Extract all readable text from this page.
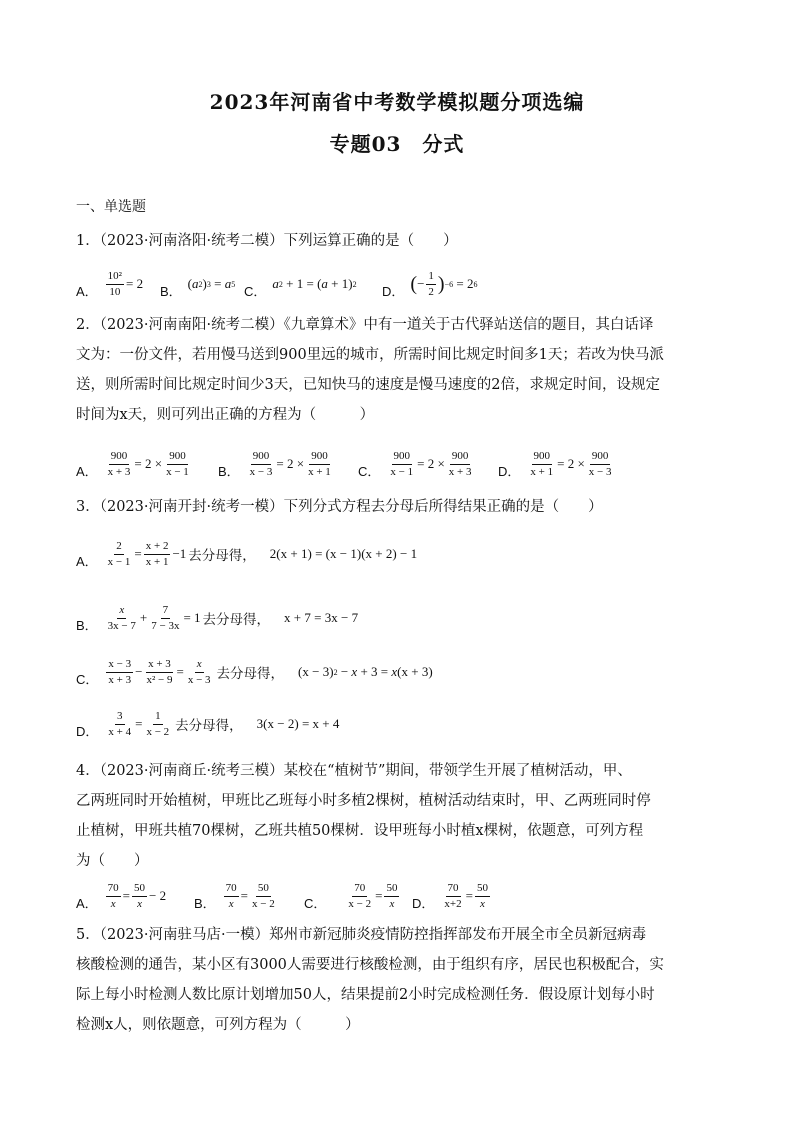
2023年河南省中考数学模拟题分项选编
专题03　分式
一、单选题
1．（2023·河南洛阳·统考二模）下列运算正确的是（　　）
A． $\frac{\text{10²}}{10}$ =
2
B．
( a 2 ) 3
=
a 5 C．
a 2
+
1
=
( a
+
1 ) 2 D． ( − $\frac{1}{2}$ ) −6
=
2 6
2．（2023·河南南阳·统考二模）《九章算术》中有一道关于古代驿站送信的题目，其白话译
文为：一份文件，若用慢马送到900里远的城市，所需时间比规定时间多1天；若改为快马派
送，则所需时间比规定时间少3天，已知快马的速度是慢马速度的2倍，求规定时间，设规定
时间为x天，则可列出正确的方程为（　　　）
A． $\frac{900}{x + 3}$ =
$2 \times \frac{900}{x - 1}$ B． $\frac{900}{x - 3}$ =
$2 \times \frac{900}{x + 1}$ C． $\frac{900}{x - 1}$ =
$2 \times \frac{900}{x + 3}$ D． $\frac{900}{x + 1}$ =
$2 \times \frac{900}{x - 3}$
3．（2023·河南开封·统考一模）下列分式方程去分母后所得结果正确的是（　　）
A． $\frac{2}{x - 1} = \frac{x + 2}{x + 1} - 1$ 去分母得， 2 ( x + 1 )
=
( x − 1 ) ( x + 2 )
−
1
B． $\frac{x}{3x - 7} + \frac{7}{7 - 3x}$ =
1 去分母得， x + 7
=
3x − 7
C． $\frac{x - 3}{x + 3} - \frac{x + 3}{\text{x² − 9}} = \frac{x}{x - 3}$ 去分母得， ( x − 3 ) 2
−
x
+
3
=
x ( x + 3 )
D． $\frac{3}{x + 4} = \frac{1}{x - 2}$ 去分母得， 3 ( x − 2 )
=
x + 4
4．（2023·河南商丘·统考三模）某校在“植树节”期间，带领学生开展了植树活动，甲、
乙两班同时开始植树，甲班比乙班每小时多植2棵树，植树活动结束时，甲、乙两班同时停
止植树，甲班共植70棵树，乙班共植50棵树．设甲班每小时植x棵树，依题意，可列方程
为（　　）
A． $\frac{70}{x} = \frac{50}{x}$ −
2
B． $\frac{70}{x} = \frac{50}{x - 2}$ C． $\frac{70}{x - 2} = \frac{50}{x}$ D． $\frac{70}{x+2} = \frac{50}{x}$
5．（2023·河南驻马店·一模）郑州市新冠肺炎疫情防控指挥部发布开展全市全员新冠病毒
核酸检测的通告，某小区有3000人需要进行核酸检测，由于组织有序，居民也积极配合，实
际上每小时检测人数比原计划增加50人，结果提前2小时完成检测任务．假设原计划每小时
检测x人，则依题意，可列方程为（　　　）
